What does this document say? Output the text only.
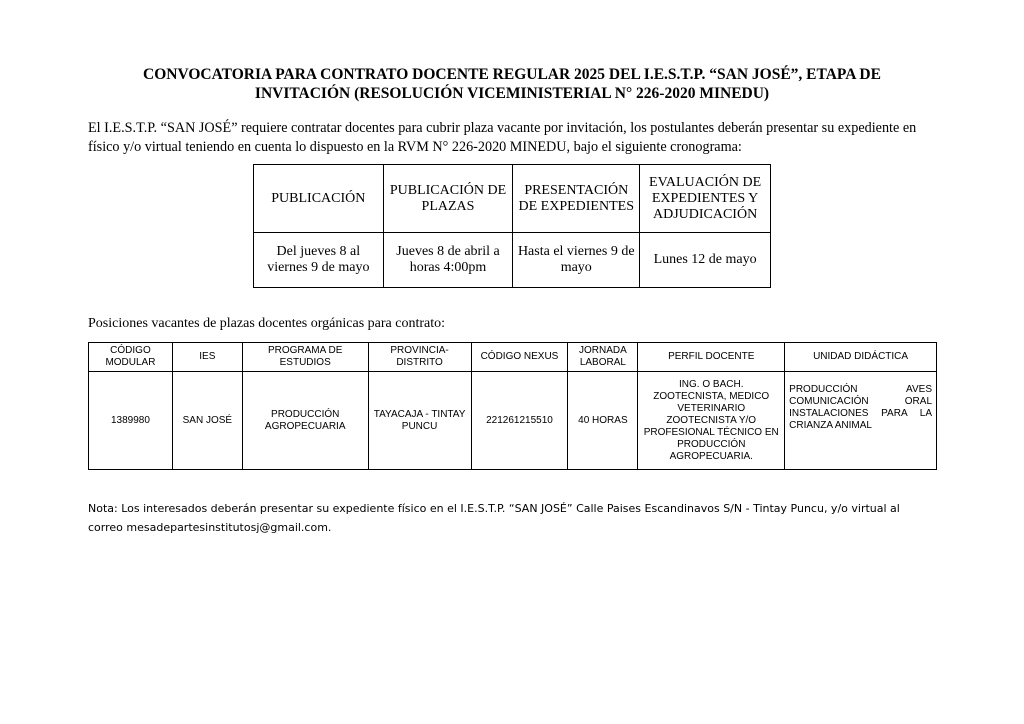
CONVOCATORIA PARA CONTRATO DOCENTE REGULAR 2025 DEL I.E.S.T.P. “SAN JOSÉ”, ETAPA DE
INVITACIÓN (RESOLUCIÓN VICEMINISTERIAL N° 226-2020 MINEDU)
El I.E.S.T.P. “SAN JOSÉ” requiere contratar docentes para cubrir plaza vacante por invitación, los postulantes deberán presentar su expediente en físico y/o virtual teniendo en cuenta lo dispuesto en la RVM N° 226-2020 MINEDU, bajo el siguiente cronograma:
PUBLICACIÓN	PUBLICACIÓN DE PLAZAS	PRESENTACIÓN DE EXPEDIENTES	EVALUACIÓN DE EXPEDIENTES Y ADJUDICACIÓN
Del jueves 8 al viernes 9 de mayo	Jueves 8 de abril a horas 4:00pm	Hasta el viernes 9 de mayo	Lunes 12 de mayo
Posiciones vacantes de plazas docentes orgánicas para contrato:
CÓDIGO MODULAR	IES	PROGRAMA DE ESTUDIOS	PROVINCIA-DISTRITO	CÓDIGO NEXUS	JORNADA LABORAL	PERFIL DOCENTE	UNIDAD DIDÁCTICA
1389980	SAN JOSÉ	PRODUCCIÓN AGROPECUARIA	TAYACAJA - TINTAY PUNCU	221261215510	40 HORAS	ING. O BACH. ZOOTECNISTA, MEDICO VETERINARIO ZOOTECNISTA Y/O PROFESIONAL TÉCNICO EN PRODUCCIÓN AGROPECUARIA.	PRODUCCIÓN AVES COMUNICACIÓN ORAL INSTALACIONES PARA LA CRIANZA ANIMAL
Nota: Los interesados deberán presentar su expediente físico en el I.E.S.T.P. “SAN JOSÉ” Calle Paises Escandinavos S/N - Tintay Puncu, y/o virtual al correo mesadepartesinstitutosj@gmail.com.
